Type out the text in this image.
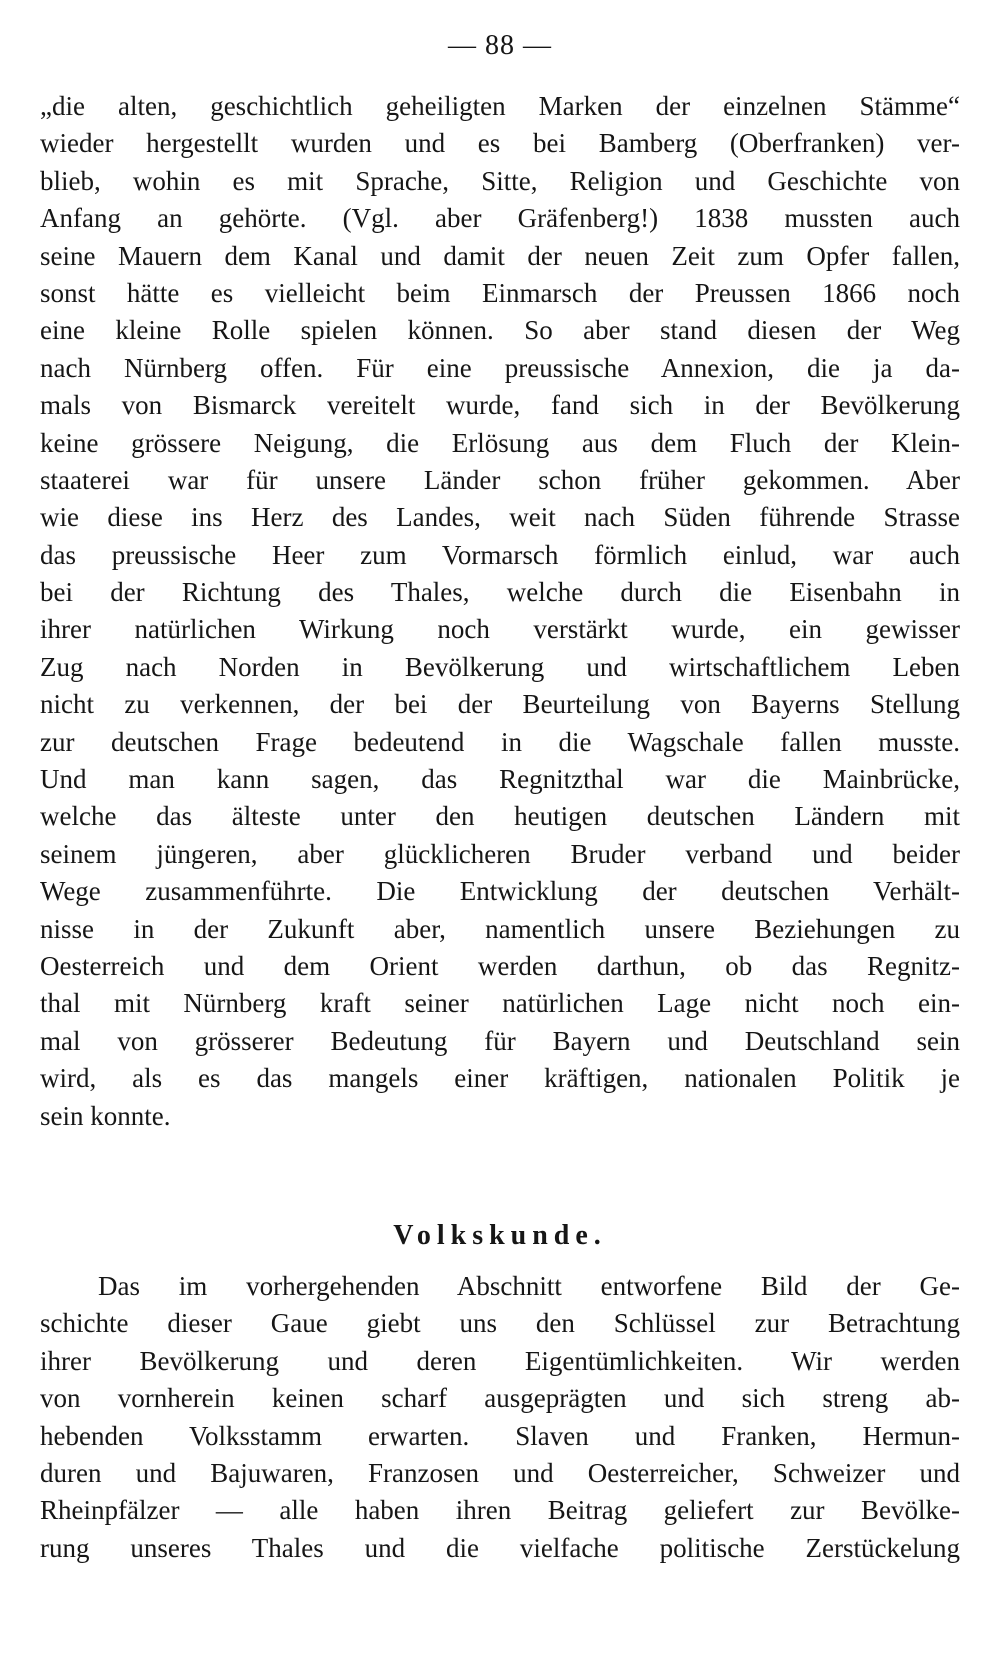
— 88 —
„die alten, geschichtlich geheiligten Marken der einzelnen Stämme“
wieder hergestellt wurden und es bei Bamberg (Oberfranken) ver-
blieb, wohin es mit Sprache, Sitte, Religion und Geschichte von
Anfang an gehörte. (Vgl. aber Gräfenberg!) 1838 mussten auch
seine Mauern dem Kanal und damit der neuen Zeit zum Opfer fallen,
sonst hätte es vielleicht beim Einmarsch der Preussen 1866 noch
eine kleine Rolle spielen können. So aber stand diesen der Weg
nach Nürnberg offen. Für eine preussische Annexion, die ja da-
mals von Bismarck vereitelt wurde, fand sich in der Bevölkerung
keine grössere Neigung, die Erlösung aus dem Fluch der Klein-
staaterei war für unsere Länder schon früher gekommen. Aber
wie diese ins Herz des Landes, weit nach Süden führende Strasse
das preussische Heer zum Vormarsch förmlich einlud, war auch
bei der Richtung des Thales, welche durch die Eisenbahn in
ihrer natürlichen Wirkung noch verstärkt wurde, ein gewisser
Zug nach Norden in Bevölkerung und wirtschaftlichem Leben
nicht zu verkennen, der bei der Beurteilung von Bayerns Stellung
zur deutschen Frage bedeutend in die Wagschale fallen musste.
Und man kann sagen, das Regnitzthal war die Mainbrücke,
welche das älteste unter den heutigen deutschen Ländern mit
seinem jüngeren, aber glücklicheren Bruder verband und beider
Wege zusammenführte. Die Entwicklung der deutschen Verhält-
nisse in der Zukunft aber, namentlich unsere Beziehungen zu
Oesterreich und dem Orient werden darthun, ob das Regnitz-
thal mit Nürnberg kraft seiner natürlichen Lage nicht noch ein-
mal von grösserer Bedeutung für Bayern und Deutschland sein
wird, als es das mangels einer kräftigen, nationalen Politik je
sein konnte.
Volkskunde.
Das im vorhergehenden Abschnitt entworfene Bild der Ge-
schichte dieser Gaue giebt uns den Schlüssel zur Betrachtung
ihrer Bevölkerung und deren Eigentümlichkeiten. Wir werden
von vornherein keinen scharf ausgeprägten und sich streng ab-
hebenden Volksstamm erwarten. Slaven und Franken, Hermun-
duren und Bajuwaren, Franzosen und Oesterreicher, Schweizer und
Rheinpfälzer — alle haben ihren Beitrag geliefert zur Bevölke-
rung unseres Thales und die vielfache politische Zerstückelung
